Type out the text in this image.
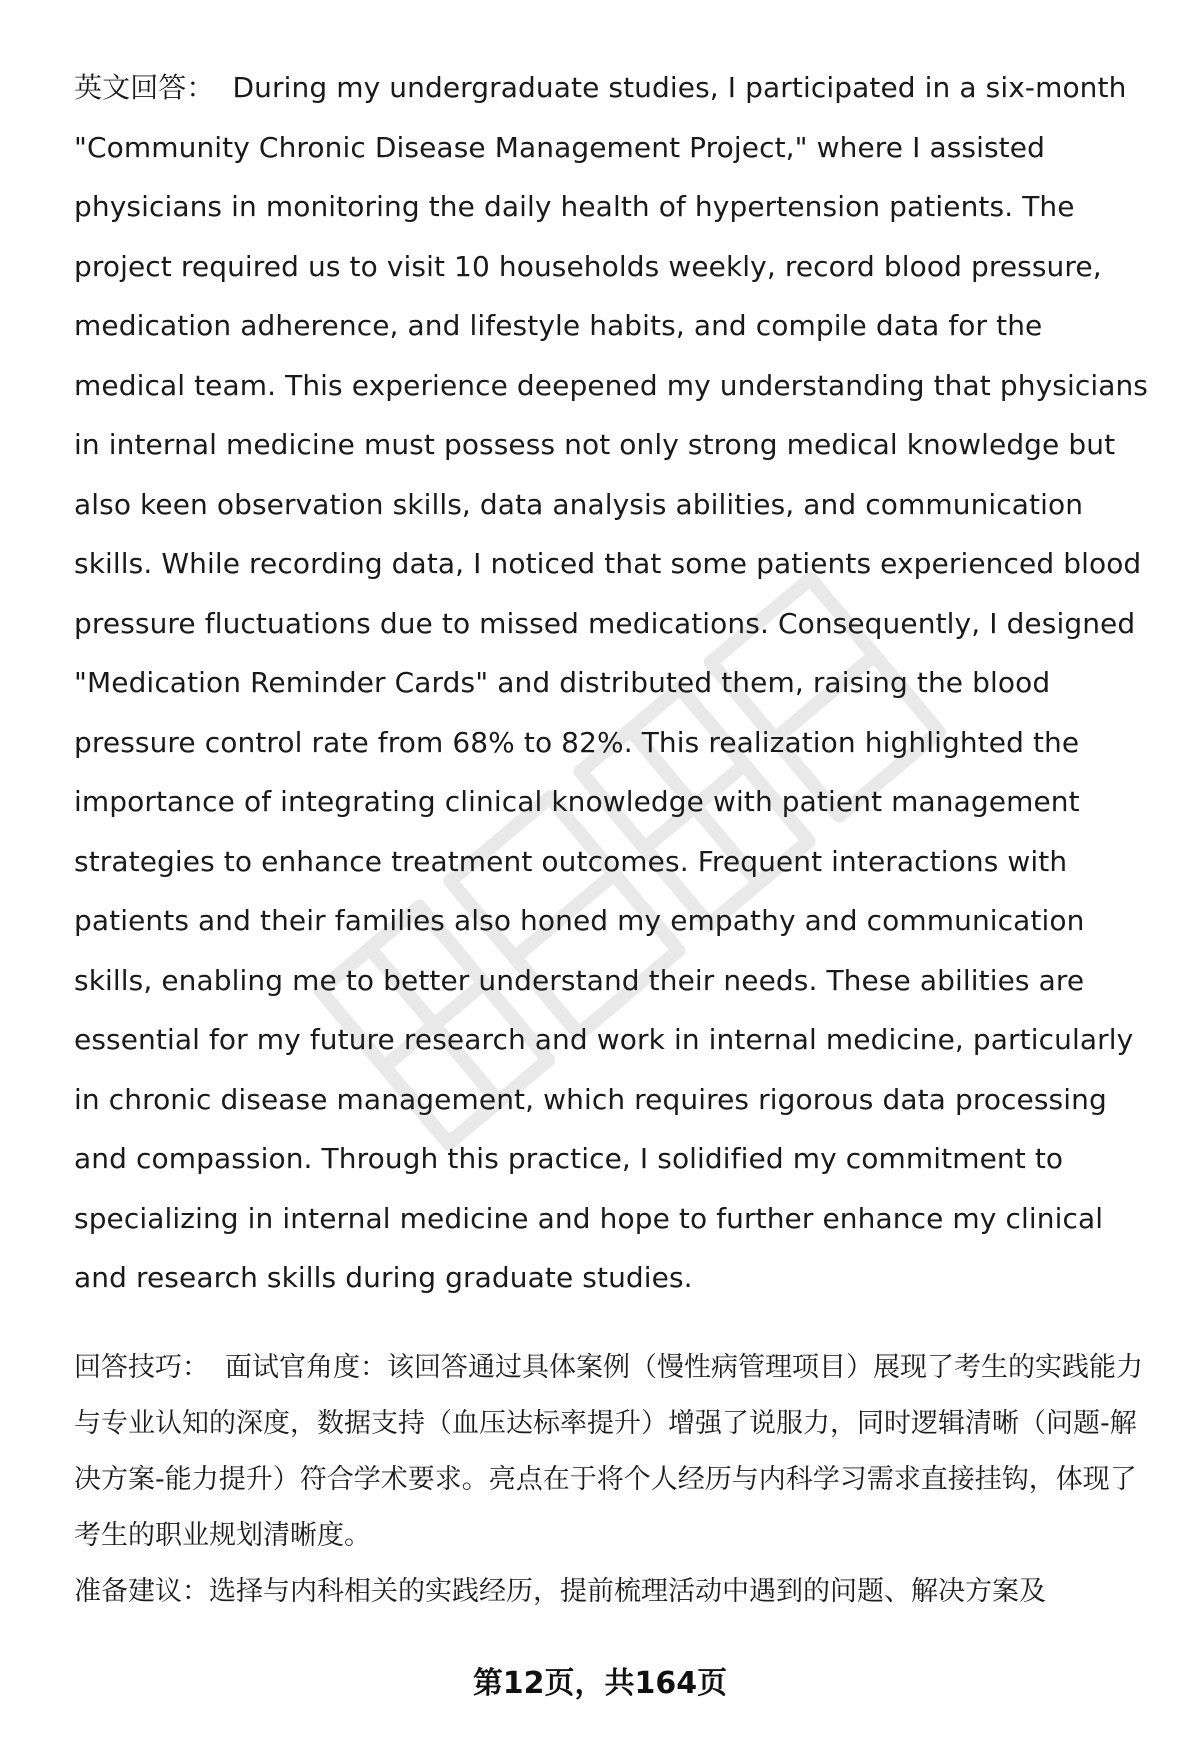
英文回答： During my undergraduate studies, I participated in a six-month "Community Chronic Disease Management Project," where I assisted physicians in monitoring the daily health of hypertension patients. The project required us to visit 10 households weekly, record blood pressure, medication adherence, and lifestyle habits, and compile data for the medical team. This experience deepened my understanding that physicians in internal medicine must possess not only strong medical knowledge but also keen observation skills, data analysis abilities, and communication skills. While recording data, I noticed that some patients experienced blood pressure fluctuations due to missed medications. Consequently, I designed "Medication Reminder Cards" and distributed them, raising the blood pressure control rate from 68% to 82%. This realization highlighted the importance of integrating clinical knowledge with patient management strategies to enhance treatment outcomes. Frequent interactions with patients and their families also honed my empathy and communication skills, enabling me to better understand their needs. These abilities are essential for my future research and work in internal medicine, particularly in chronic disease management, which requires rigorous data processing and compassion. Through this practice, I solidified my commitment to specializing in internal medicine and hope to further enhance my clinical and research skills during graduate studies.

回答技巧： 面试官角度：该回答通过具体案例（慢性病管理项目）展现了考生的实践能力与专业认知的深度，数据支持（血压达标率提升）增强了说服力，同时逻辑清晰（问题-解决方案-能力提升）符合学术要求。亮点在于将个人经历与内科学习需求直接挂钩，体现了考生的职业规划清晰度。

准备建议：选择与内科相关的实践经历，提前梳理活动中遇到的问题、解决方案及

第12页，共164页
